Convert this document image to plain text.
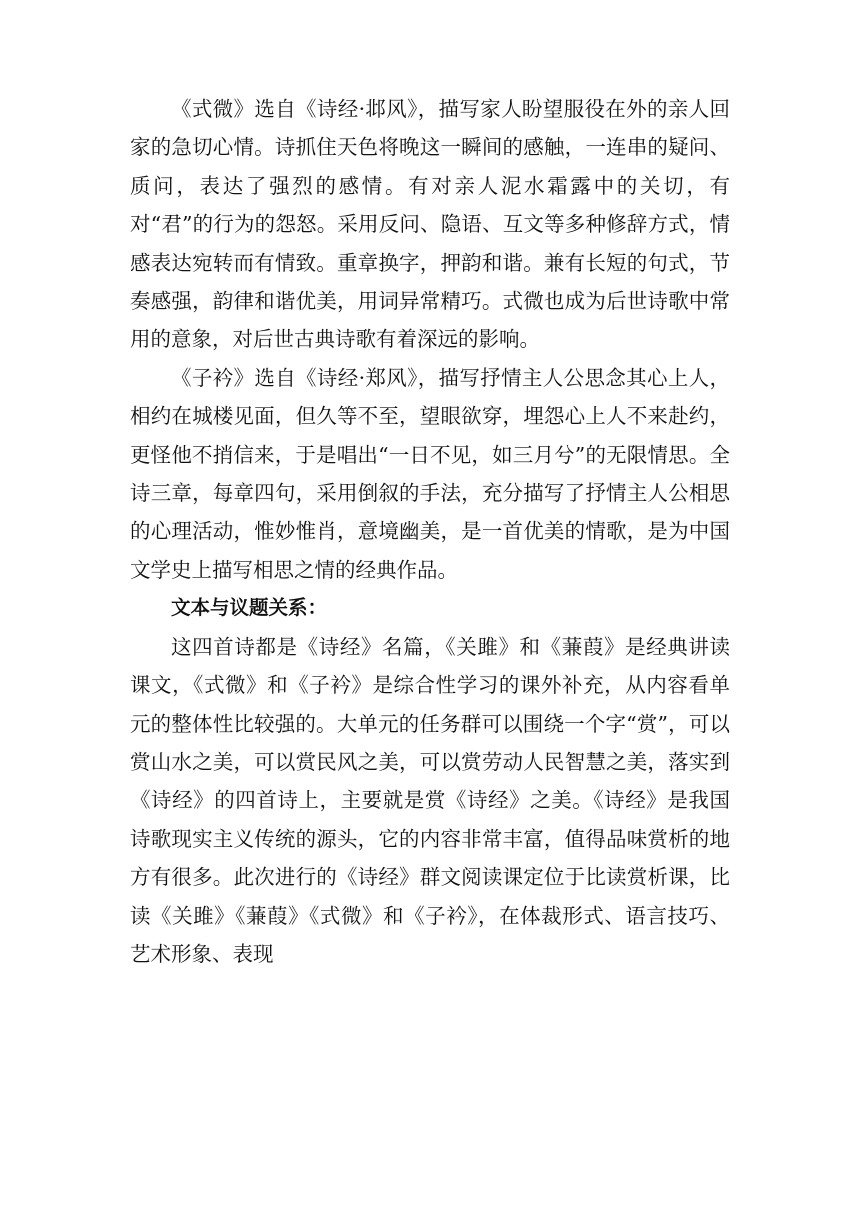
《式微》选自《诗经·邶风》，描写家人盼望服役在外的亲人回家的急切心情。诗抓住天色将晚这一瞬间的感触，一连串的疑问、质问，表达了强烈的感情。有对亲人泥水霜露中的关切，有对“君”的行为的怨怒。采用反问、隐语、互文等多种修辞方式，情感表达宛转而有情致。重章换字，押韵和谐。兼有长短的句式，节奏感强，韵律和谐优美，用词异常精巧。式微也成为后世诗歌中常用的意象，对后世古典诗歌有着深远的影响。

《子衿》选自《诗经·郑风》，描写抒情主人公思念其心上人，相约在城楼见面，但久等不至，望眼欲穿，埋怨心上人不来赴约，更怪他不捎信来，于是唱出“一日不见，如三月兮”的无限情思。全诗三章，每章四句，采用倒叙的手法，充分描写了抒情主人公相思的心理活动，惟妙惟肖，意境幽美，是一首优美的情歌，是为中国文学史上描写相思之情的经典作品。

文本与议题关系：

这四首诗都是《诗经》名篇，《关雎》和《蒹葭》是经典讲读课文，《式微》和《子衿》是综合性学习的课外补充，从内容看单元的整体性比较强的。大单元的任务群可以围绕一个字“赏”，可以赏山水之美，可以赏民风之美，可以赏劳动人民智慧之美，落实到《诗经》的四首诗上，主要就是赏《诗经》之美。《诗经》是我国诗歌现实主义传统的源头，它的内容非常丰富，值得品味赏析的地方有很多。此次进行的《诗经》群文阅读课定位于比读赏析课，比读《关雎》《蒹葭》《式微》和《子衿》，在体裁形式、语言技巧、艺术形象、表现
